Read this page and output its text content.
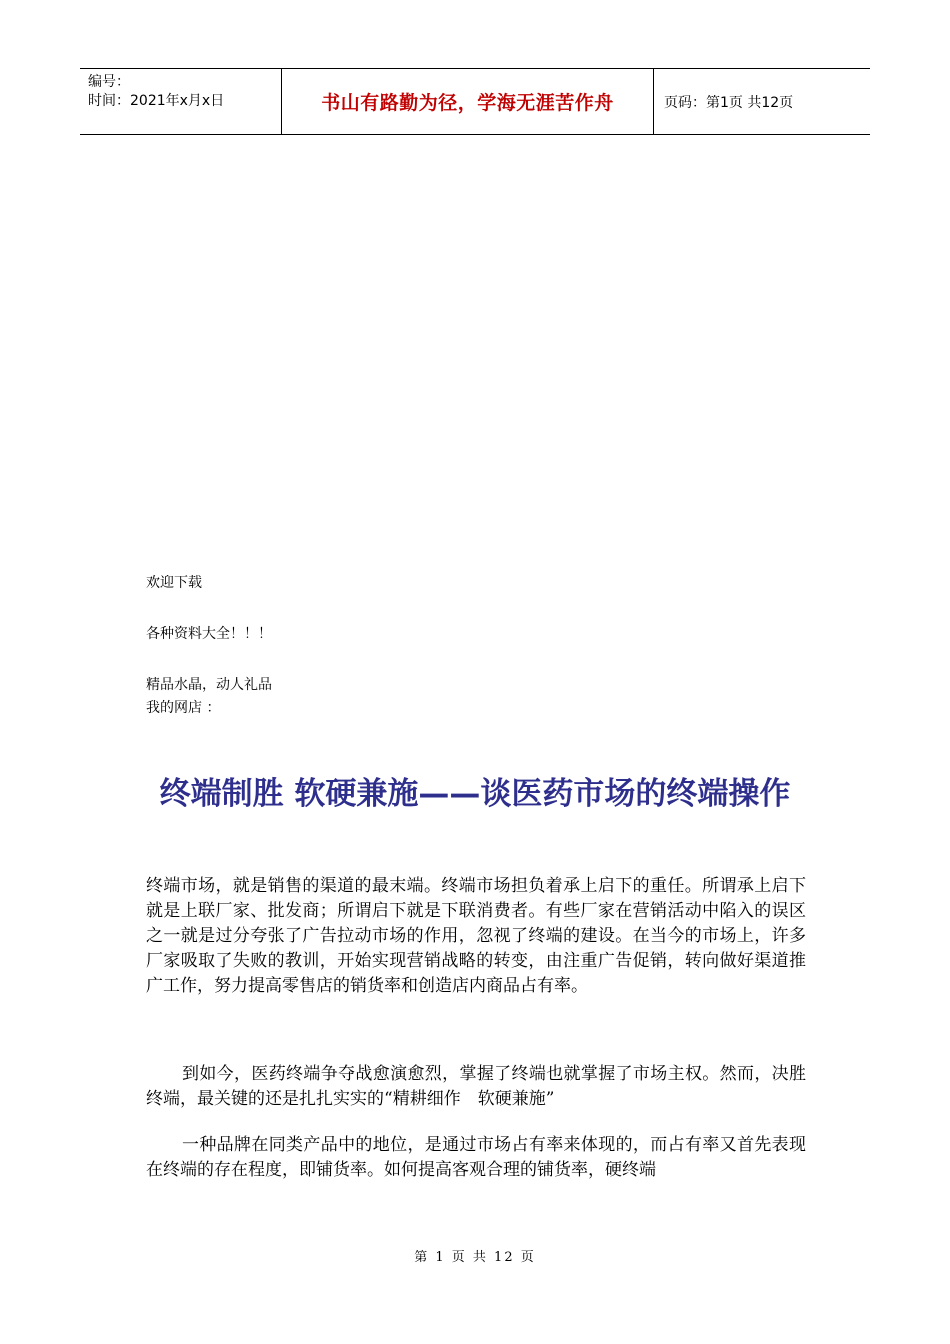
编号：
时间：2021年x月x日	书山有路勤为径，学海无涯苦作舟	页码：第1页 共12页
欢迎下载
各种资料大全！！！
精品水晶，动人礼品
我的网店 ：
终端制胜 软硬兼施——谈医药市场的终端操作

终端市场，就是销售的渠道的最末端。终端市场担负着承上启下的重任。所谓承上启下就是上联厂家、批发商；所谓启下就是下联消费者。有些厂家在营销活动中陷入的误区之一就是过分夸张了广告拉动市场的作用，忽视了终端的建设。在当今的市场上，许多厂家吸取了失败的教训，开始实现营销战略的转变，由注重广告促销，转向做好渠道推广工作，努力提高零售店的销货率和创造店内商品占有率。

到如今，医药终端争夺战愈演愈烈，掌握了终端也就掌握了市场主权。然而，决胜终端，最关键的还是扎扎实实的“精耕细作　软硬兼施”

一种品牌在同类产品中的地位，是通过市场占有率来体现的，而占有率又首先表现在终端的存在程度，即铺货率。如何提高客观合理的铺货率，硬终端

第 1 页 共 12 页
